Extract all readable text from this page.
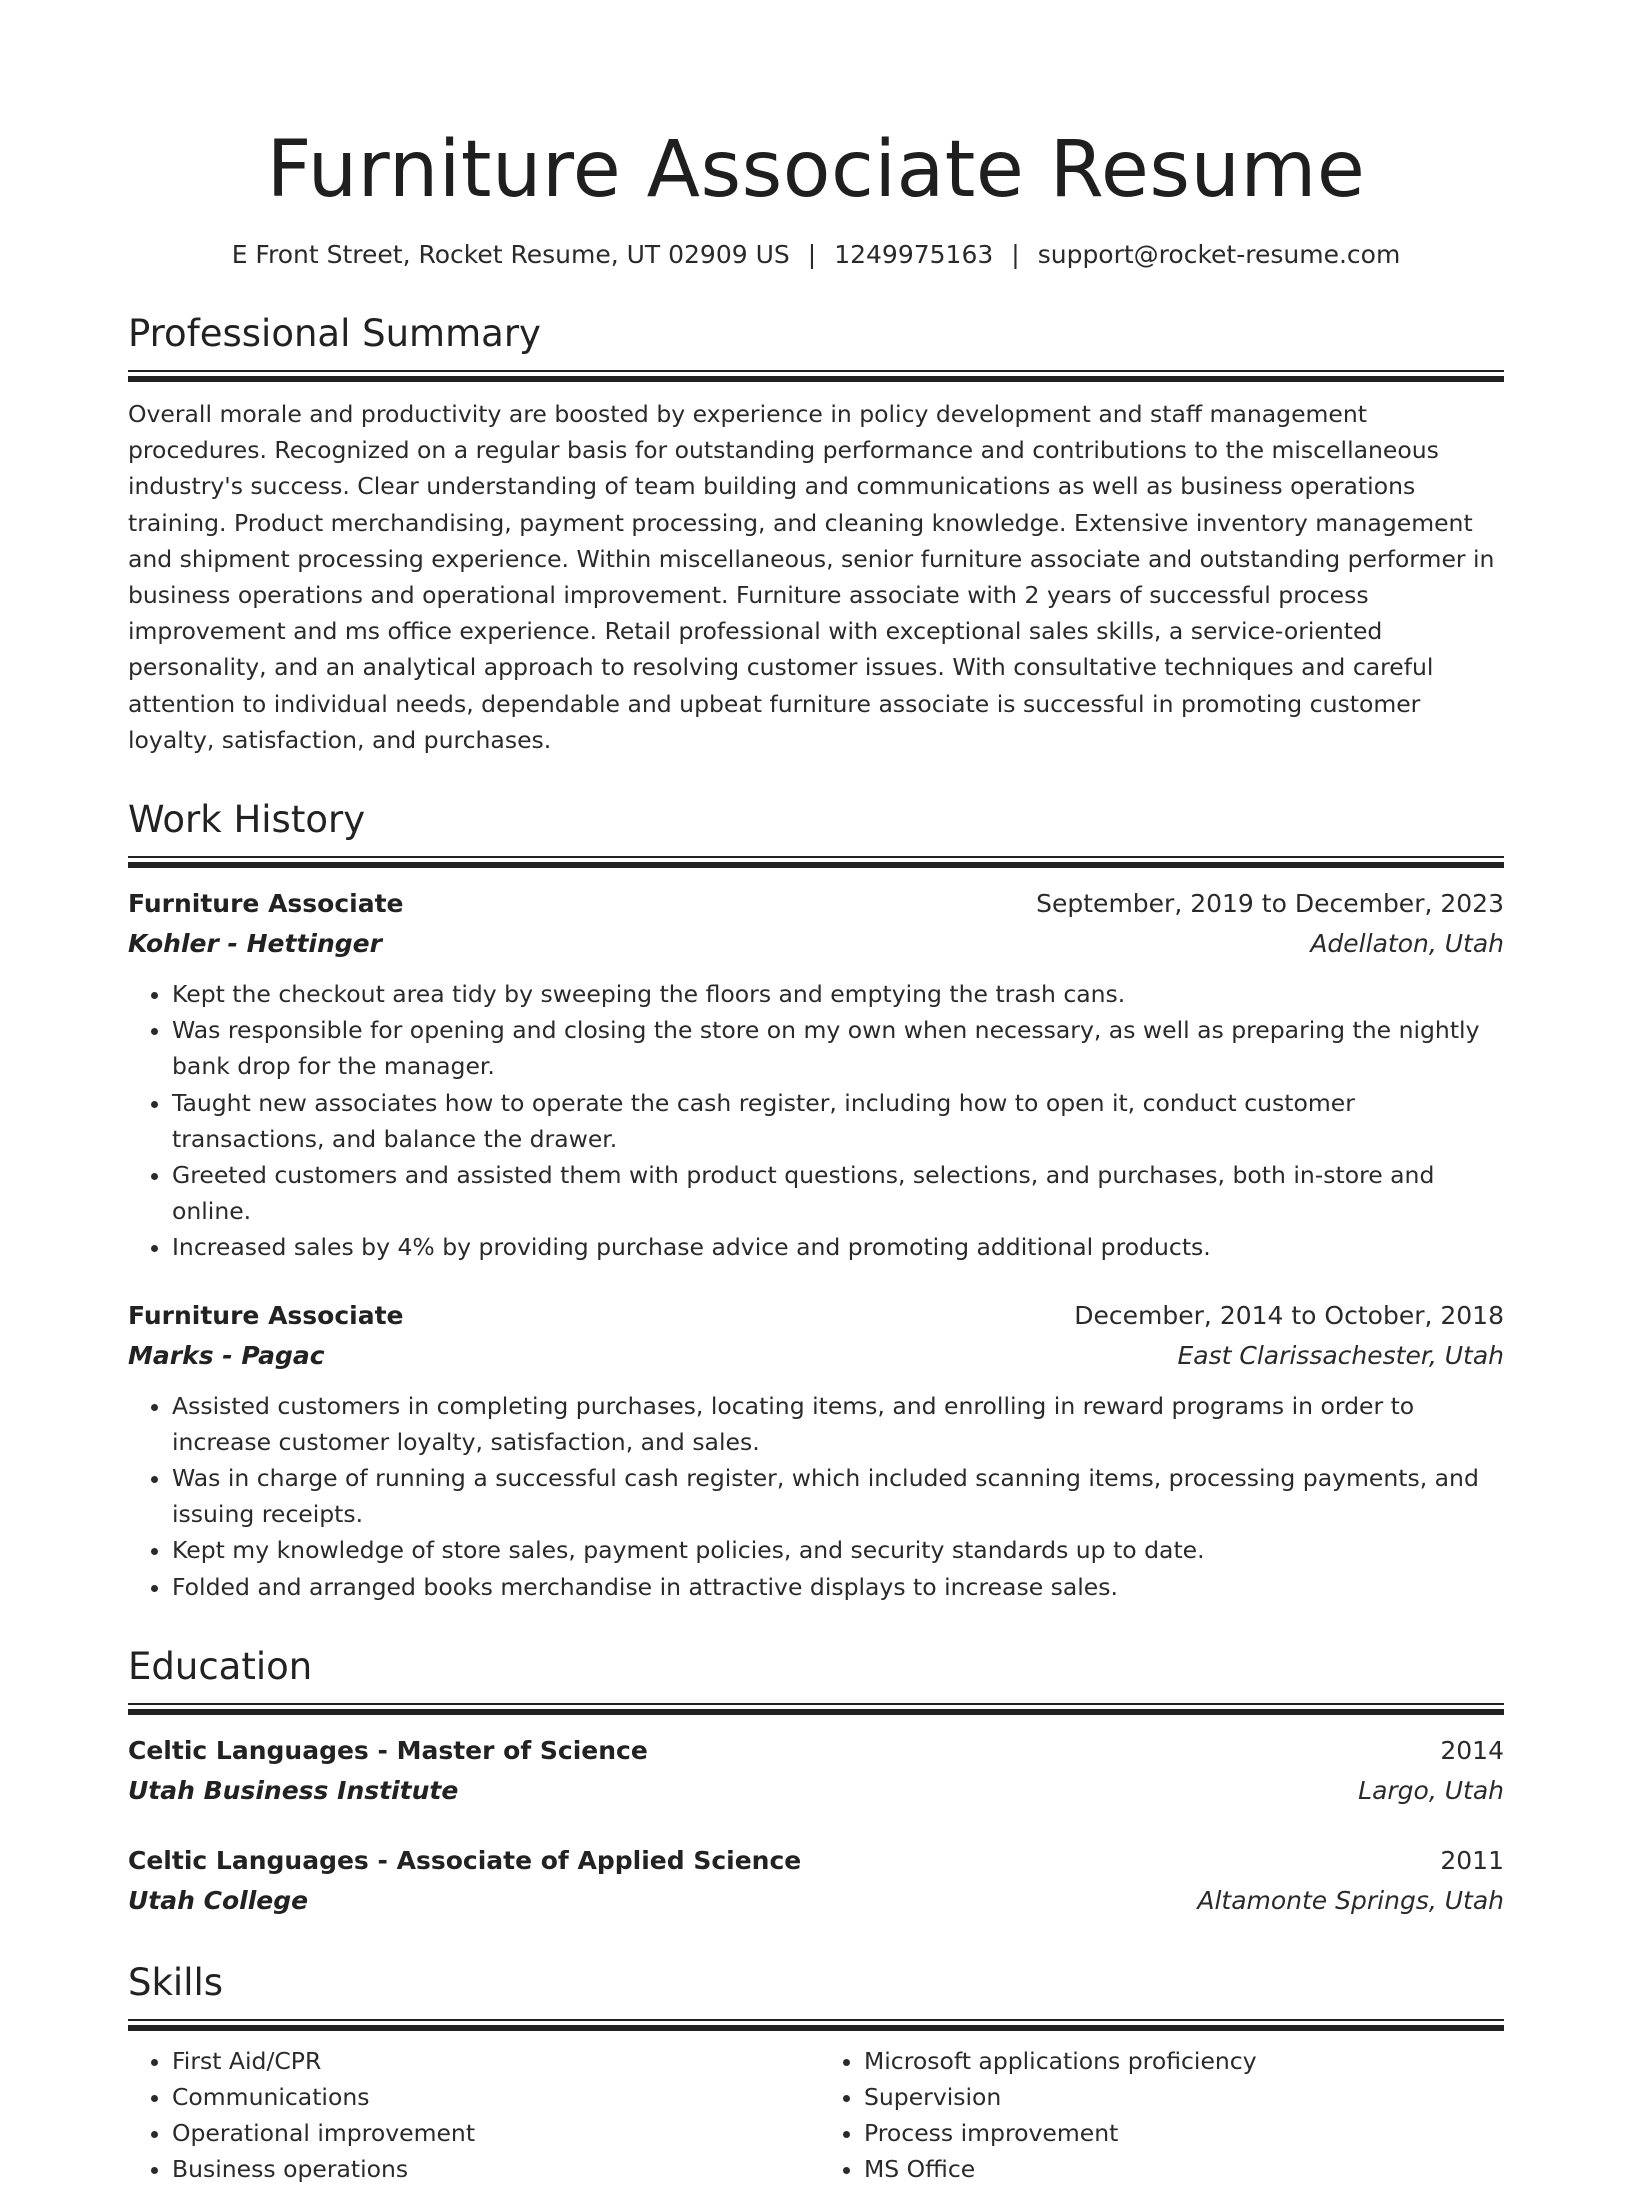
Furniture Associate Resume
E Front Street, Rocket Resume, UT 02909 US | 1249975163 | support@rocket-resume.com
Professional Summary
Overall morale and productivity are boosted by experience in policy development and staff management procedures. Recognized on a regular basis for outstanding performance and contributions to the miscellaneous industry's success. Clear understanding of team building and communications as well as business operations training. Product merchandising, payment processing, and cleaning knowledge. Extensive inventory management and shipment processing experience. Within miscellaneous, senior furniture associate and outstanding performer in business operations and operational improvement. Furniture associate with 2 years of successful process improvement and ms office experience. Retail professional with exceptional sales skills, a service-oriented personality, and an analytical approach to resolving customer issues. With consultative techniques and careful attention to individual needs, dependable and upbeat furniture associate is successful in promoting customer loyalty, satisfaction, and purchases.
Work History
Furniture Associate	September, 2019 to December, 2023
Kohler - Hettinger	Adellaton, Utah
• Kept the checkout area tidy by sweeping the floors and emptying the trash cans.
• Was responsible for opening and closing the store on my own when necessary, as well as preparing the nightly bank drop for the manager.
• Taught new associates how to operate the cash register, including how to open it, conduct customer transactions, and balance the drawer.
• Greeted customers and assisted them with product questions, selections, and purchases, both in-store and online.
• Increased sales by 4% by providing purchase advice and promoting additional products.
Furniture Associate	December, 2014 to October, 2018
Marks - Pagac	East Clarissachester, Utah
• Assisted customers in completing purchases, locating items, and enrolling in reward programs in order to increase customer loyalty, satisfaction, and sales.
• Was in charge of running a successful cash register, which included scanning items, processing payments, and issuing receipts.
• Kept my knowledge of store sales, payment policies, and security standards up to date.
• Folded and arranged books merchandise in attractive displays to increase sales.
Education
Celtic Languages - Master of Science	2014
Utah Business Institute	Largo, Utah
Celtic Languages - Associate of Applied Science	2011
Utah College	Altamonte Springs, Utah
Skills
• First Aid/CPR
• Communications
• Operational improvement
• Business operations
• Microsoft applications proficiency
• Supervision
• Process improvement
• MS Office
